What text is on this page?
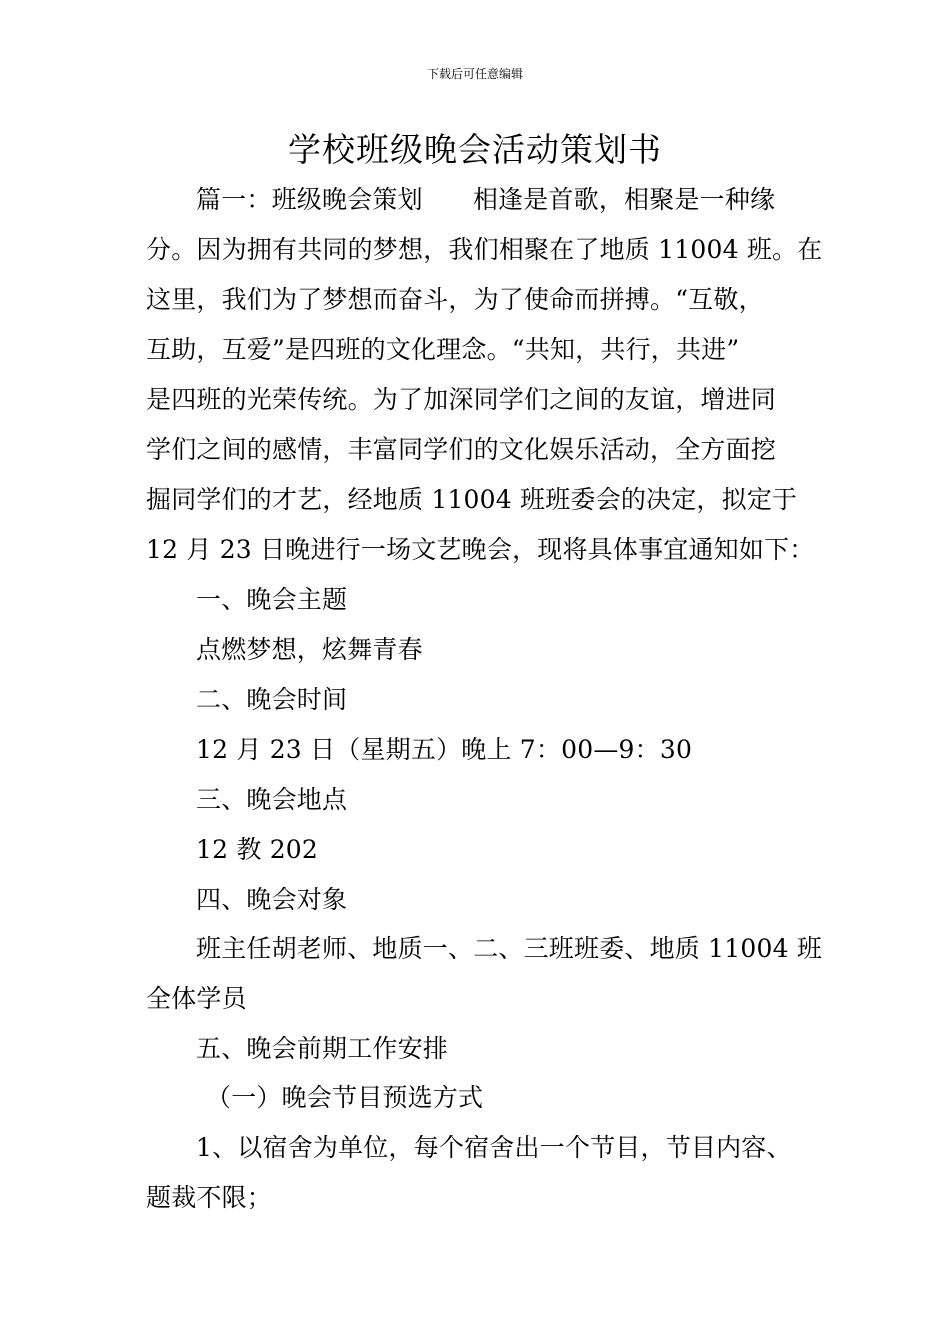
下载后可任意编辑
学校班级晚会活动策划书
篇一：班级晚会策划 相逢是首歌，相聚是一种缘
分。因为拥有共同的梦想，我们相聚在了地质 11004 班。在
这里，我们为了梦想而奋斗，为了使命而拼搏。“互敬，
互助，互爱”是四班的文化理念。“共知，共行，共进”
是四班的光荣传统。为了加深同学们之间的友谊，增进同
学们之间的感情，丰富同学们的文化娱乐活动，全方面挖
掘同学们的才艺，经地质 11004 班班委会的决定，拟定于
12 月 23 日晚进行一场文艺晚会，现将具体事宜通知如下：
一、晚会主题
点燃梦想，炫舞青春
二、晚会时间
12 月 23 日（星期五）晚上 7：00—9：30
三、晚会地点
12 教 202
四、晚会对象
班主任胡老师、地质一、二、三班班委、地质 11004 班
全体学员
五、晚会前期工作安排
（一）晚会节目预选方式
1、以宿舍为单位，每个宿舍出一个节目，节目内容、
题裁不限；
